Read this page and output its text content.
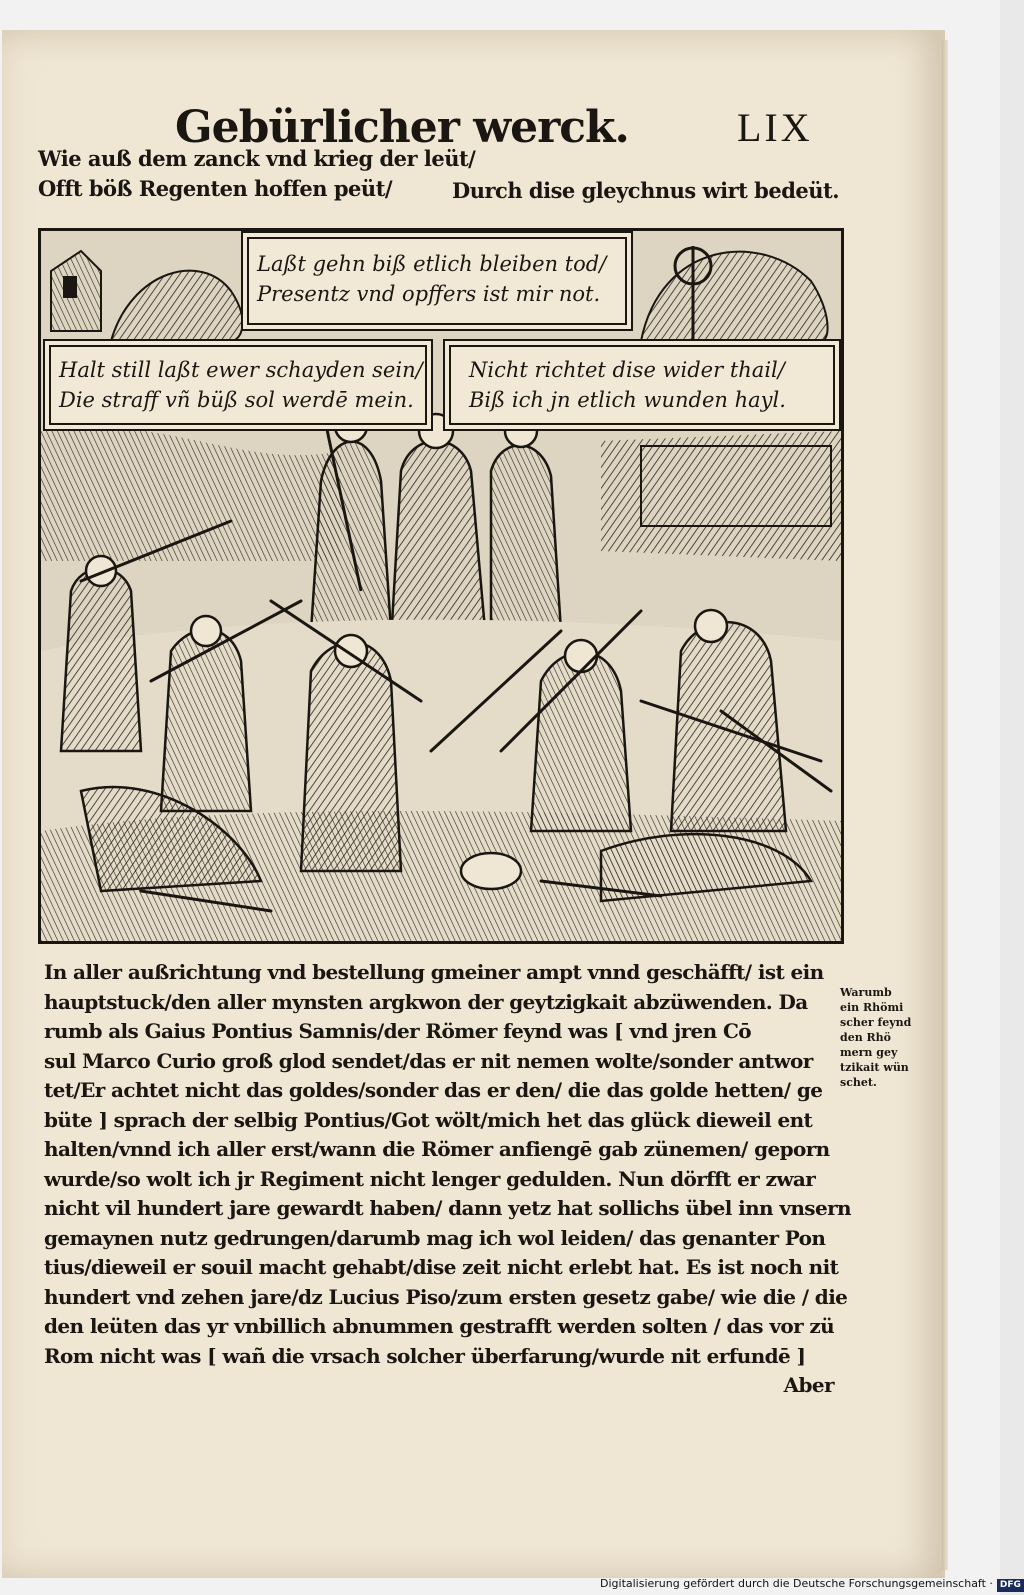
Gebürlicher werck.	LIX
Wie auß dem zanck vnd krieg der leüt/
Offt böß Regenten hoffen peüt/	Durch dise gleychnus wirt bedeüt.
Laßt gehn biß etlich bleiben tod/
Presentz vnd opffers ist mir not.
Halt still laßt ewer schayden sein/
Die straff vñ büß sol werdē mein.
Nicht richtet dise wider thail/
Biß ich jn etlich wunden hayl.
In aller außrichtung vnd bestellung gmeiner ampt vnnd geschäfft/ ist ein
hauptstuck/den aller mynsten argkwon der geytzigkait abzüwenden. Da
rumb als Gaius Pontius Samnis/der Römer feynd was [ vnd jren Cō
sul Marco Curio groß glod sendet/das er nit nemen wolte/sonder antwor
tet/Er achtet nicht das goldes/sonder das er den/ die das golde hetten/ ge
büte ] sprach der selbig Pontius/Got wölt/mich het das glück dieweil ent
halten/vnnd ich aller erst/wann die Römer anfiengē gab zünemen/ geporn
wurde/so wolt ich jr Regiment nicht lenger gedulden. Nun dörfft er zwar
nicht vil hundert jare gewardt haben/ dann yetz hat sollichs übel inn vnsern
gemaynen nutz gedrungen/darumb mag ich wol leiden/ das genanter Pon
tius/dieweil er souil macht gehabt/dise zeit nicht erlebt hat. Es ist noch nit
hundert vnd zehen jare/dz Lucius Piso/zum ersten gesetz gabe/ wie die / die
den leüten das yr vnbillich abnummen gestrafft werden solten / das vor zü
Rom nicht was [ wañ die vrsach solcher überfarung/wurde nit erfundē ]
Aber
Warumb
ein Rhömi
scher feynd
den Rhö
mern gey
tzikait wün
schet.
Digitalisierung gefördert durch die Deutsche Forschungsgemeinschaft · DFG
